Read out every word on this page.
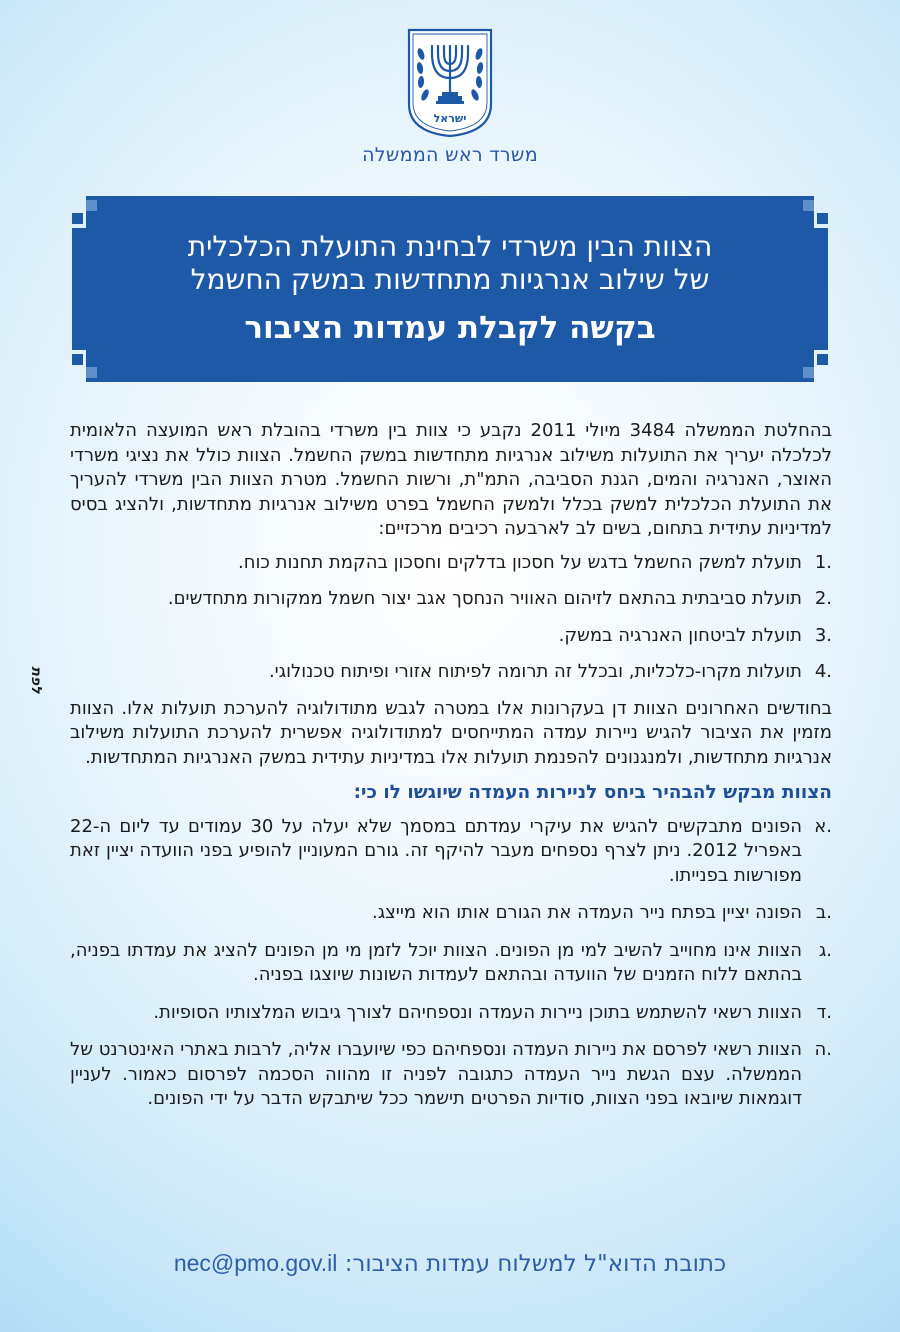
ישראל
משרד ראש הממשלה
הצוות הבין משרדי לבחינת התועלת הכלכלית
של שילוב אנרגיות מתחדשות במשק החשמל
בקשה לקבלת עמדות הציבור

בהחלטת הממשלה 3484 מיולי 2011 נקבע כי צוות בין משרדי בהובלת ראש המועצה הלאומית לכלכלה יעריך את התועלות משילוב אנרגיות מתחדשות במשק החשמל. הצוות כולל את נציגי משרדי האוצר, האנרגיה והמים, הגנת הסביבה, התמ"ת, ורשות החשמל. מטרת הצוות הבין משרדי להעריך את התועלת הכלכלית למשק בכלל ולמשק החשמל בפרט משילוב אנרגיות מתחדשות, ולהציג בסיס למדיניות עתידית בתחום, בשים לב לארבעה רכיבים מרכזיים:

.1
תועלת למשק החשמל בדגש על חסכון בדלקים וחסכון בהקמת תחנות כוח.
.2
תועלת סביבתית בהתאם לזיהום האוויר הנחסך אגב יצור חשמל ממקורות מתחדשים.
.3
תועלת לביטחון האנרגיה במשק.
.4
תועלות מקרו-כלכליות, ובכלל זה תרומה לפיתוח אזורי ופיתוח טכנולוגי.

בחודשים האחרונים הצוות דן בעקרונות אלו במטרה לגבש מתודולוגיה להערכת תועלות אלו. הצוות מזמין את הציבור להגיש ניירות עמדה המתייחסים למתודולוגיה אפשרית להערכת התועלות משילוב אנרגיות מתחדשות, ולמנגנונים להפנמת תועלות אלו במדיניות עתידית במשק האנרגיות המתחדשות.

הצוות מבקש להבהיר ביחס לניירות העמדה שיוגשו לו כי:

.א
הפונים מתבקשים להגיש את עיקרי עמדתם במסמך שלא יעלה על 30 עמודים עד ליום ה-22 באפריל 2012. ניתן לצרף נספחים מעבר להיקף זה. גורם המעוניין להופיע בפני הוועדה יציין זאת מפורשות בפנייתו.
.ב
הפונה יציין בפתח נייר העמדה את הגורם אותו הוא מייצג.
.ג
הצוות אינו מחוייב להשיב למי מן הפונים. הצוות יוכל לזמן מי מן הפונים להציג את עמדתו בפניה, בהתאם ללוח הזמנים של הוועדה ובהתאם לעמדות השונות שיוצגו בפניה.
.ד
הצוות רשאי להשתמש בתוכן ניירות העמדה ונספחיהם לצורך גיבוש המלצותיו הסופיות.
.ה
הצוות רשאי לפרסם את ניירות העמדה ונספחיהם כפי שיועברו אליה, לרבות באתרי האינטרנט של הממשלה. עצם הגשת נייר העמדה כתגובה לפניה זו מהווה הסכמה לפרסום כאמור. לעניין דוגמאות שיובאו בפני הצוות, סודיות הפרטים תישמר ככל שיתבקש הדבר על ידי הפונים.
כתובת הדוא"ל למשלוח עמדות הציבור: nec@pmo.gov.il
לפת
